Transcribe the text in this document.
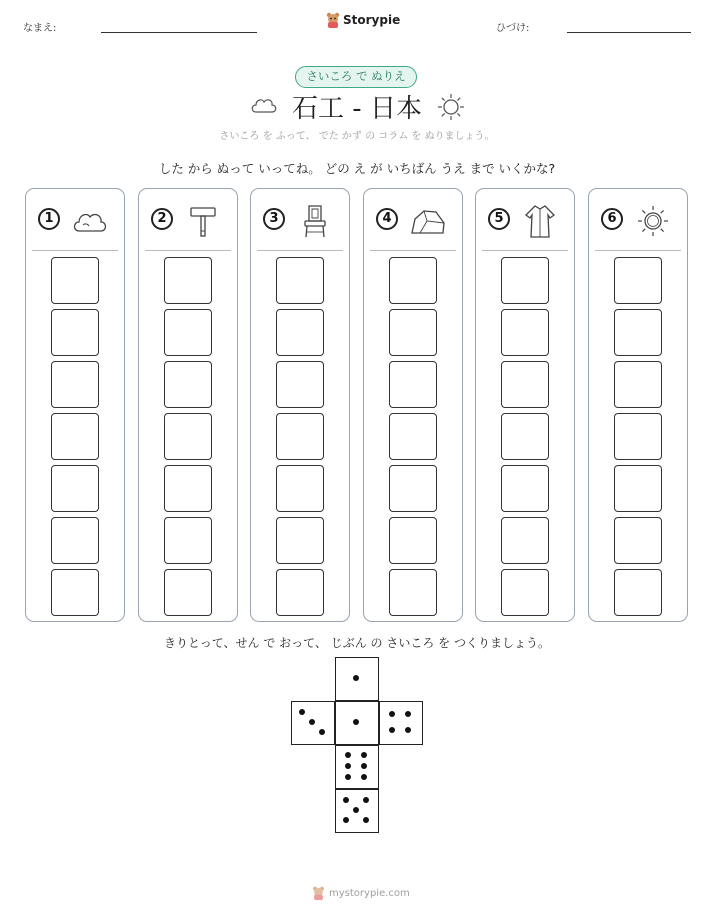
なまえ:
Storypie
ひづけ:
さいころ で ぬりえ
石工 - 日本
さいころ を ふって、 でた かず の コラム を ぬりましょう。
した から ぬって いってね。 どの え が いちばん うえ まで いくかな?
1	2	3	4	5	6
きりとって、せん で おって、 じぶん の さいころ を つくりましょう。
mystorypie.com
